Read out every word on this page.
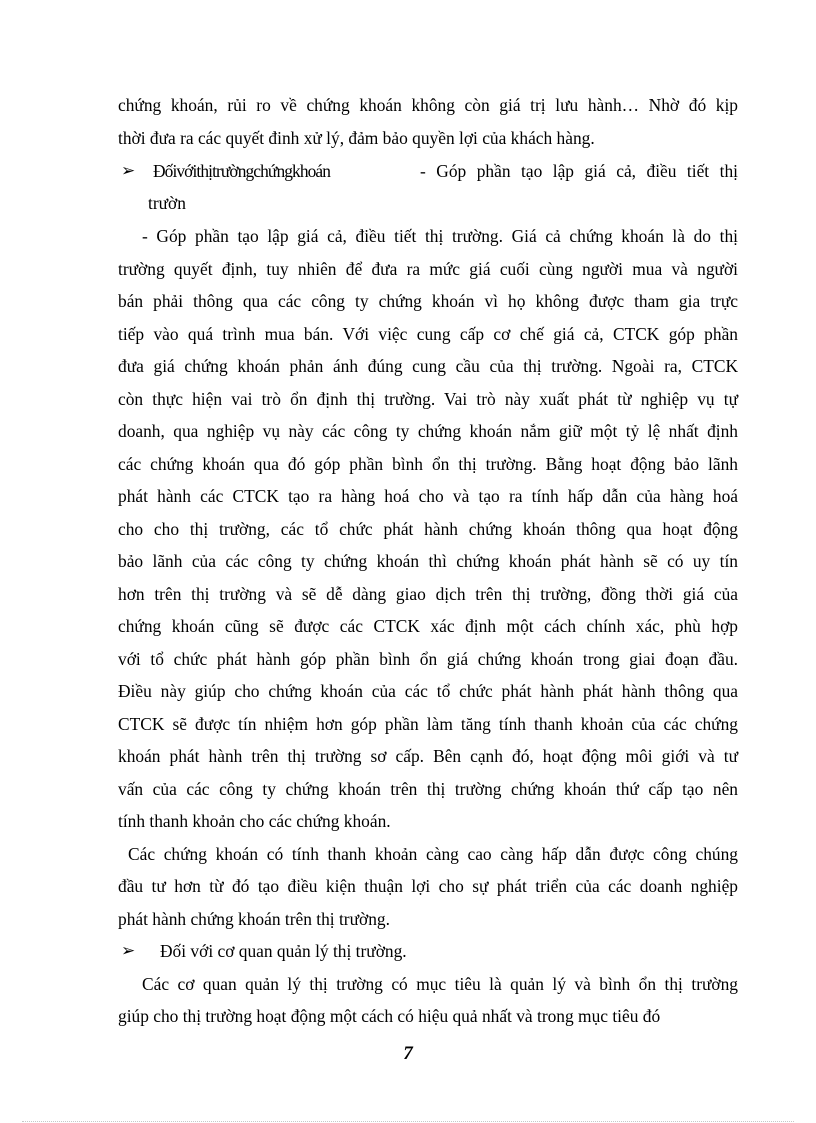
chứng khoán, rủi ro về chứng khoán không còn giá trị lưu hành… Nhờ đó kịp
thời đưa ra các quyết đinh xử lý, đảm bảo quyền lợi của khách hàng.
➢ Đốivớithịtrườngchứngkhoán	- Góp phần tạo lập giá cả, điều tiết thị
trườn
- Góp phần tạo lập giá cả, điều tiết thị trường. Giá cả chứng khoán là do thị
trường quyết định, tuy nhiên để đưa ra mức giá cuối cùng người mua và người
bán phải thông qua các công ty chứng khoán vì họ không được tham gia trực
tiếp vào quá trình mua bán. Với việc cung cấp cơ chế giá cả, CTCK góp phần
đưa giá chứng khoán phản ánh đúng cung cầu của thị trường. Ngoài ra, CTCK
còn thực hiện vai trò ổn định thị trường. Vai trò này xuất phát từ nghiệp vụ tự
doanh, qua nghiệp vụ này các công ty chứng khoán nắm giữ một tỷ lệ nhất định
các chứng khoán qua đó góp phần bình ổn thị trường. Bằng hoạt động bảo lãnh
phát hành các CTCK tạo ra hàng hoá cho và tạo ra tính hấp dẫn của hàng hoá
cho cho thị trường, các tổ chức phát hành chứng khoán thông qua hoạt động
bảo lãnh của các công ty chứng khoán thì chứng khoán phát hành sẽ có uy tín
hơn trên thị trường và sẽ dễ dàng giao dịch trên thị trường, đồng thời giá của
chứng khoán cũng sẽ được các CTCK xác định một cách chính xác, phù hợp
với tổ chức phát hành góp phần bình ổn giá chứng khoán trong giai đoạn đầu.
Điều này giúp cho chứng khoán của các tổ chức phát hành phát hành thông qua
CTCK sẽ được tín nhiệm hơn góp phần làm tăng tính thanh khoản của các chứng
khoán phát hành trên thị trường sơ cấp. Bên cạnh đó, hoạt động môi giới và tư
vấn của các công ty chứng khoán trên thị trường chứng khoán thứ cấp tạo nên
tính thanh khoản cho các chứng khoán.
Các chứng khoán có tính thanh khoản càng cao càng hấp dẫn được công chúng
đầu tư hơn từ đó tạo điều kiện thuận lợi cho sự phát triển của các doanh nghiệp
phát hành chứng khoán trên thị trường.
➢ Đối với cơ quan quản lý thị trường.
Các cơ quan quản lý thị trường có mục tiêu là quản lý và bình ổn thị trường
giúp cho thị trường hoạt động một cách có hiệu quả nhất và trong mục tiêu đó
7
